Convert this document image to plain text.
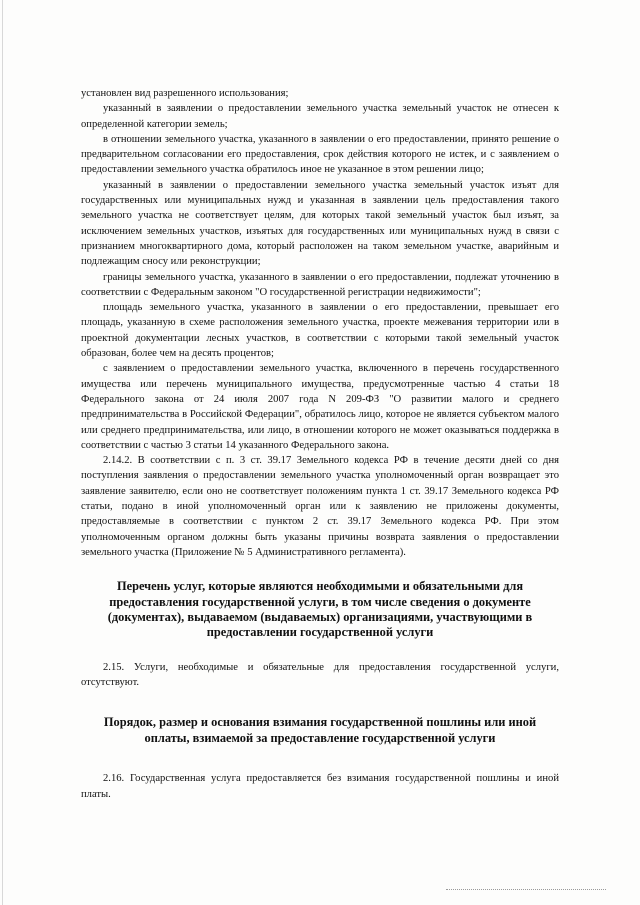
установлен вид разрешенного использования;

указанный в заявлении о предоставлении земельного участка земельный участок не отнесен к определенной категории земель;

в отношении земельного участка, указанного в заявлении о его предоставлении, принято решение о предварительном согласовании его предоставления, срок действия которого не истек, и с заявлением о предоставлении земельного участка обратилось иное не указанное в этом решении лицо;

указанный в заявлении о предоставлении земельного участка земельный участок изъят для государственных или муниципальных нужд и указанная в заявлении цель предоставления такого земельного участка не соответствует целям, для которых такой земельный участок был изъят, за исключением земельных участков, изъятых для государственных или муниципальных нужд в связи с признанием многоквартирного дома, который расположен на таком земельном участке, аварийным и подлежащим сносу или реконструкции;

границы земельного участка, указанного в заявлении о его предоставлении, подлежат уточнению в соответствии с Федеральным законом "О государственной регистрации недвижимости";

площадь земельного участка, указанного в заявлении о его предоставлении, превышает его площадь, указанную в схеме расположения земельного участка, проекте межевания территории или в проектной документации лесных участков, в соответствии с которыми такой земельный участок образован, более чем на десять процентов;

с заявлением о предоставлении земельного участка, включенного в перечень государственного имущества или перечень муниципального имущества, предусмотренные частью 4 статьи 18 Федерального закона от 24 июля 2007 года N 209-ФЗ "О развитии малого и среднего предпринимательства в Российской Федерации", обратилось лицо, которое не является субъектом малого или среднего предпринимательства, или лицо, в отношении которого не может оказываться поддержка в соответствии с частью 3 статьи 14 указанного Федерального закона.

2.14.2. В соответствии с п. 3 ст. 39.17 Земельного кодекса РФ в течение десяти дней со дня поступления заявления о предоставлении земельного участка уполномоченный орган возвращает это заявление заявителю, если оно не соответствует положениям пункта 1 ст. 39.17 Земельного кодекса РФ статьи, подано в иной уполномоченный орган или к заявлению не приложены документы, предоставляемые в соответствии с пунктом 2 ст. 39.17 Земельного кодекса РФ. При этом уполномоченным органом должны быть указаны причины возврата заявления о предоставлении земельного участка (Приложение № 5 Административного регламента).

Перечень услуг, которые являются необходимыми и обязательными для предоставления государственной услуги, в том числе сведения о документе (документах), выдаваемом (выдаваемых) организациями, участвующими в предоставлении государственной услуги

2.15. Услуги, необходимые и обязательные для предоставления государственной услуги, отсутствуют.

Порядок, размер и основания взимания государственной пошлины или иной оплаты, взимаемой за предоставление государственной услуги

2.16. Государственная услуга предоставляется без взимания государственной пошлины и иной платы.
